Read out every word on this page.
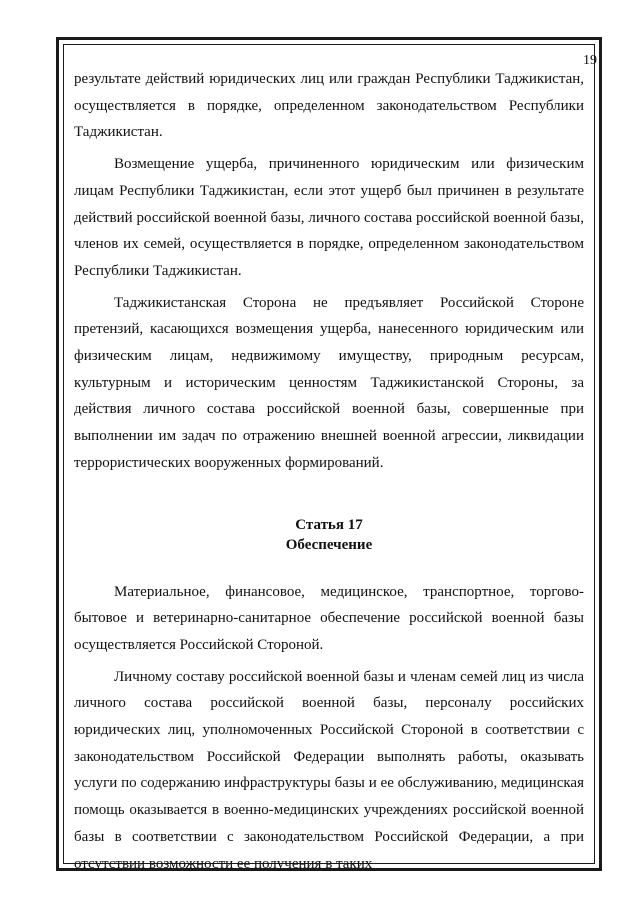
19

результате действий юридических лиц или граждан Республики Таджикистан, осуществляется в порядке, определенном законодательством Республики Таджикистан.

Возмещение ущерба, причиненного юридическим или физическим лицам Республики Таджикистан, если этот ущерб был причинен в результате действий российской военной базы, личного состава российской военной базы, членов их семей, осуществляется в порядке, определенном законодательством Республики Таджикистан.

Таджикистанская Сторона не предъявляет Российской Стороне претензий, касающихся возмещения ущерба, нанесенного юридическим или физическим лицам, недвижимому имуществу, природным ресурсам, культурным и историческим ценностям Таджикистанской Стороны, за действия личного состава российской военной базы, совершенные при выполнении им задач по отражению внешней военной агрессии, ликвидации террористических вооруженных формирований.

Статья 17
Обеспечение

Материальное, финансовое, медицинское, транспортное, торгово-бытовое и ветеринарно-санитарное обеспечение российской военной базы осуществляется Российской Стороной.

Личному составу российской военной базы и членам семей лиц из числа личного состава российской военной базы, персоналу российских юридических лиц, уполномоченных Российской Стороной в соответствии с законодательством Российской Федерации выполнять работы, оказывать услуги по содержанию инфраструктуры базы и ее обслуживанию, медицинская помощь оказывается в военно-медицинских учреждениях российской военной базы в соответствии с законодательством Российской Федерации, а при отсутствии возможности ее получения в таких
